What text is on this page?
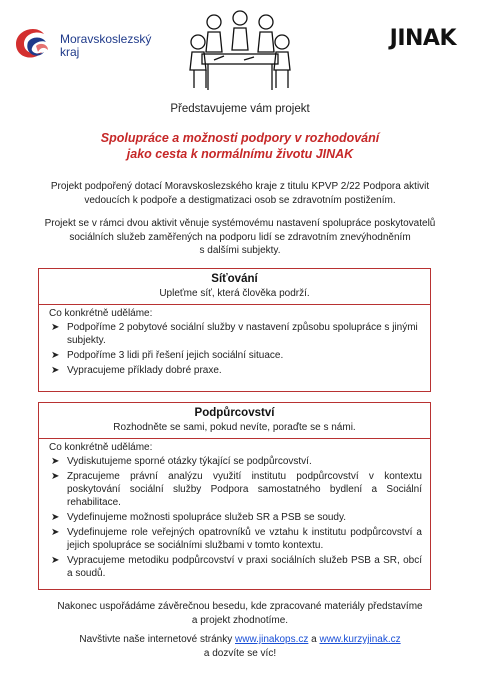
Moravskoslezský
kraj
JINAK
Představujeme vám projekt
Spolupráce a možnosti podpory v rozhodování
jako cesta k normálnímu životu JINAK
Projekt podpořený dotací Moravskoslezského kraje z titulu KPVP 2/22 Podpora aktivit
vedoucích k podpoře a destigmatizaci osob se zdravotním postižením.
Projekt se v rámci dvou aktivit věnuje systémovému nastavení spolupráce poskytovatelů
sociálních služeb zaměřených na podporu lidí se zdravotním znevýhodněním
s dalšími subjekty.
Síťování
Upleťme síť, která člověka podrží.
Co konkrétně uděláme:
➤ Podpoříme 2 pobytové sociální služby v nastavení způsobu spolupráce s jinými subjekty.
➤ Podpoříme 3 lidi při řešení jejich sociální situace.
➤ Vypracujeme příklady dobré praxe.
Podpůrcovství
Rozhodněte se sami, pokud nevíte, poraďte se s námi.
Co konkrétně uděláme:
➤ Vydiskutujeme sporné otázky týkající se podpůrcovství.
➤ Zpracujeme právní analýzu využití institutu podpůrcovství v kontextu poskytování sociální služby Podpora samostatného bydlení a Sociální rehabilitace.
➤ Vydefinujeme možnosti spolupráce služeb SR a PSB se soudy.
➤ Vydefinujeme role veřejných opatrovníků ve vztahu k institutu podpůrcovství a jejich spolupráce se sociálními službami v tomto kontextu.
➤ Vypracujeme metodiku podpůrcovství v praxi sociálních služeb PSB a SR, obcí a soudů.
Nakonec uspořádáme závěrečnou besedu, kde zpracované materiály představíme
a projekt zhodnotíme.
Navštivte naše internetové stránky www.jinakops.cz a www.kurzyjinak.cz
a dozvíte se víc!
